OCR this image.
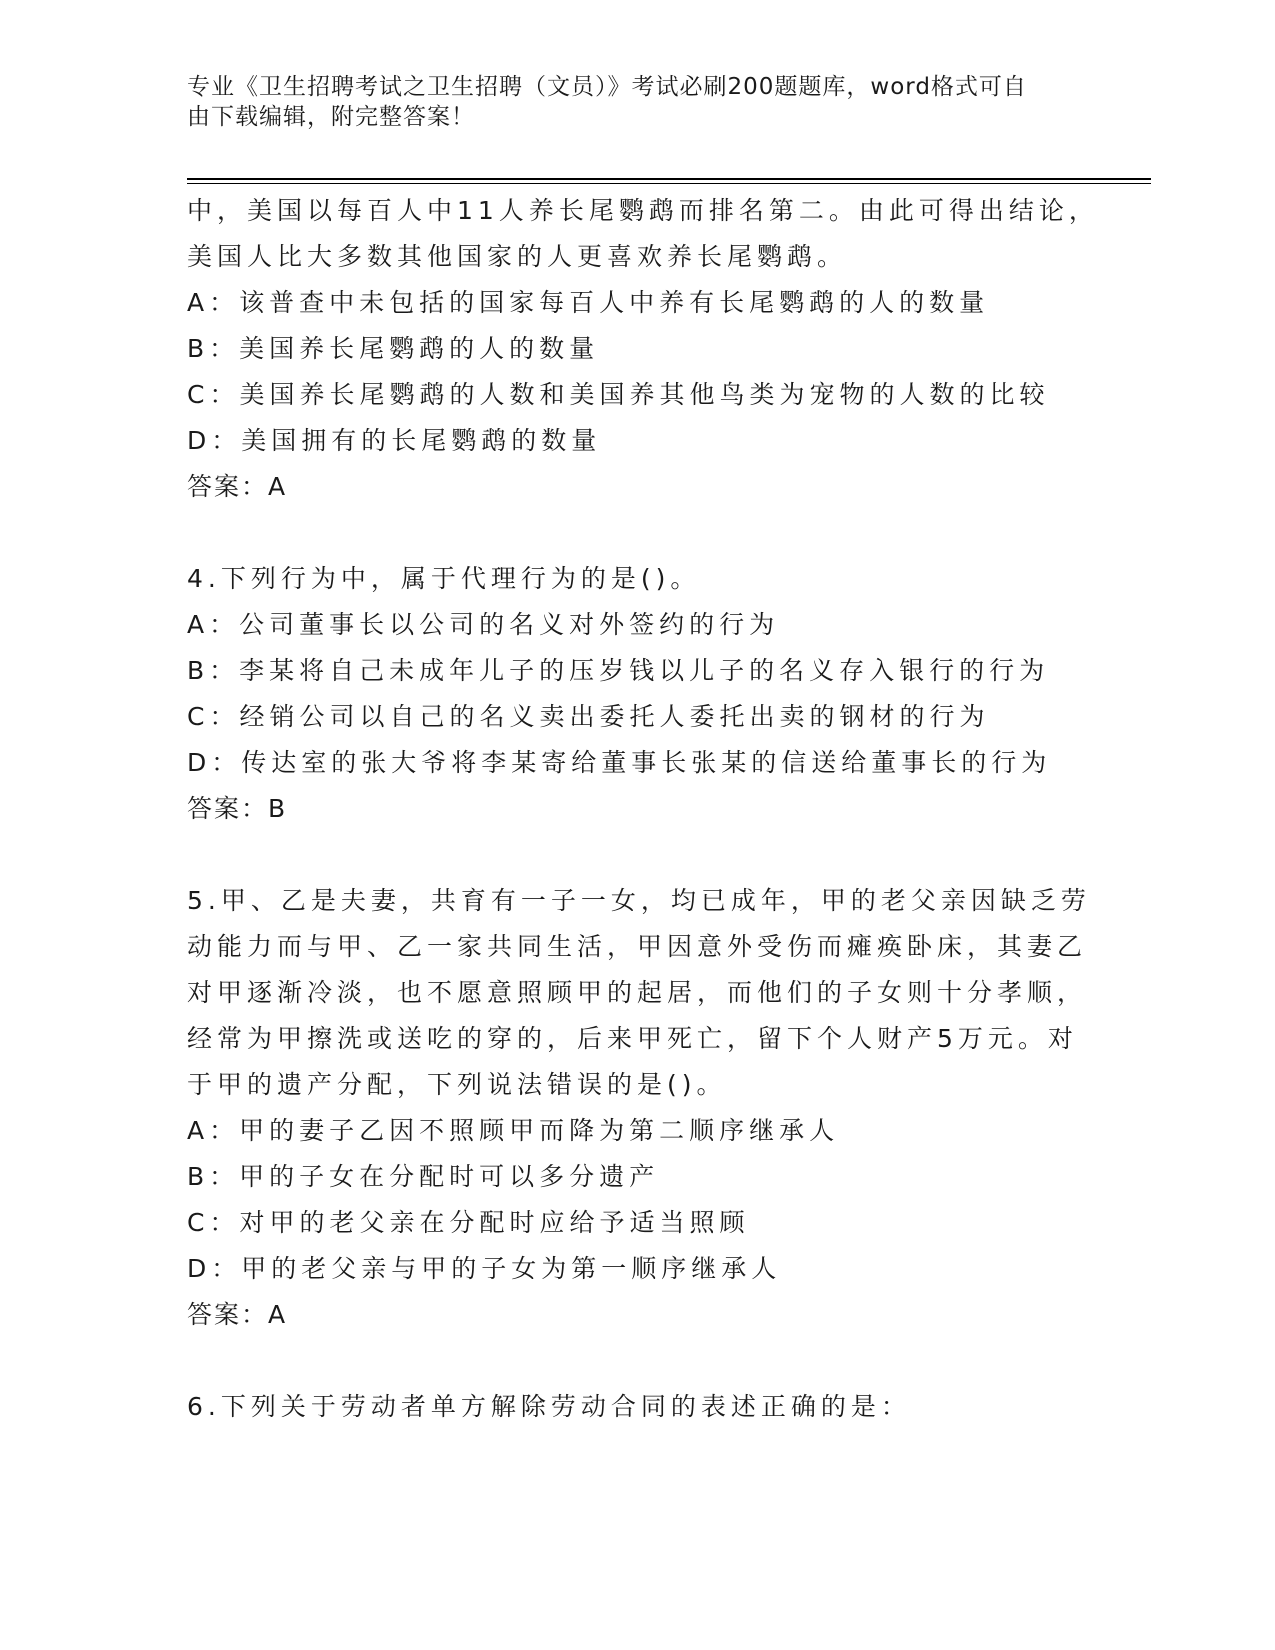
专业《卫生招聘考试之卫生招聘（文员）》考试必刷200题题库，word格式可自
由下载编辑，附完整答案！
中，美国以每百人中11人养长尾鹦鹉而排名第二。由此可得出结论，
美国人比大多数其他国家的人更喜欢养长尾鹦鹉。
A：该普查中未包括的国家每百人中养有长尾鹦鹉的人的数量
B：美国养长尾鹦鹉的人的数量
C：美国养长尾鹦鹉的人数和美国养其他鸟类为宠物的人数的比较
D：美国拥有的长尾鹦鹉的数量
答案：A
4.下列行为中，属于代理行为的是()。
A：公司董事长以公司的名义对外签约的行为
B：李某将自己未成年儿子的压岁钱以儿子的名义存入银行的行为
C：经销公司以自己的名义卖出委托人委托出卖的钢材的行为
D：传达室的张大爷将李某寄给董事长张某的信送给董事长的行为
答案：B
5.甲、乙是夫妻，共育有一子一女，均已成年，甲的老父亲因缺乏劳
动能力而与甲、乙一家共同生活，甲因意外受伤而瘫痪卧床，其妻乙
对甲逐渐冷淡，也不愿意照顾甲的起居，而他们的子女则十分孝顺，
经常为甲擦洗或送吃的穿的，后来甲死亡，留下个人财产5万元。对
于甲的遗产分配，下列说法错误的是()。
A：甲的妻子乙因不照顾甲而降为第二顺序继承人
B：甲的子女在分配时可以多分遗产
C：对甲的老父亲在分配时应给予适当照顾
D：甲的老父亲与甲的子女为第一顺序继承人
答案：A
6.下列关于劳动者单方解除劳动合同的表述正确的是：
